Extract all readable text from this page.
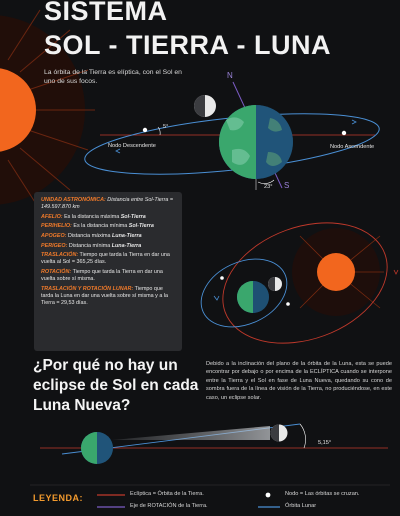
SISTEMA
SOL - TIERRA - LUNA
La órbita de la Tierra es elíptica, con el Sol en uno de sus focos.
N
S
5°
23°
Nodo Descendente	Nodo Ascendente
UNIDAD ASTRONÓMICA: Distancia entre Sol-Tierra = 149.597.870 km
AFELIO: Es la distancia máxima Sol-Tierra
PERIHELIO: Es la distancia mínima Sol-Tierra
APOGEO: Distancia máxima Luna-Tierra
PERIGEO: Distancia mínima Luna-Tierra
TRASLACIÓN: Tiempo que tarda la Tierra en dar una vuelta al Sol = 365,25 días.
ROTACIÓN: Tiempo que tarda la Tierra en dar una vuelta sobre sí misma.
TRASLACIÓN Y ROTACIÓN LUNAR: Tiempo que tarda la Luna en dar una vuelta sobre sí misma y a la Tierra = 29,53 días.
¿Por qué no hay un eclipse de Sol en cada Luna Nueva?
Debido a la inclinación del plano de la órbita de la Luna, esta se puede encontrar por debajo o por encima de la ECLÍPTICA cuando se interpone entre la Tierra y el Sol en fase de Luna Nueva, quedando su cono de sombra fuera de la línea de visión de la Tierra, no produciéndose, en este caso, un eclipse solar.
5,15°
LEYENDA:	Eclíptica = Órbita de la Tierra.
Eje de ROTACIÓN de la Tierra.
Nodo = Las órbitas se cruzan.
Órbita Lunar
